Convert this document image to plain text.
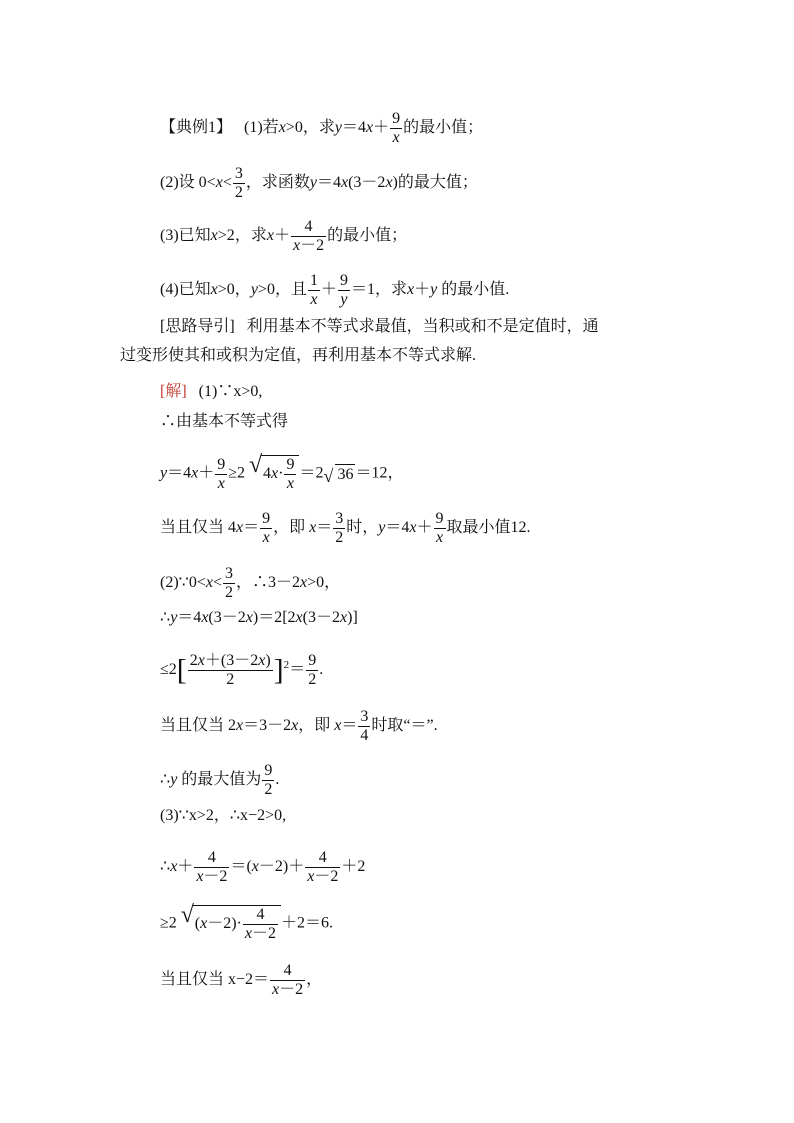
【典例1】 (1)若x>0，求$y=4x+ \frac{9}{x}$ 的最小值；
(2)设 $0<x< \frac{3}{2}$ ，求函数y＝4x(3－2x)的最大值；
(3)已知x>2，求$x+ \frac{4}{x-2}$ 的最小值；
(4)已知x>0，y>0，且 $\frac{1}{x} + \frac{9}{y} =1$，求x＋y 的最小值.
[思路导引] 利用基本不等式求最值，当积或和不是定值时，通
过变形使其和或积为定值，再利用基本不等式求解.
[解] (1)∵x>0,
∴由基本不等式得
$y=4x+ \frac{9}{x} \ge 2$ √ $4x\cdot \frac{9}{x} =2$ √ 36 ＝12，
当且仅当 $4x= \frac{9}{x}$ ，即 $x= \frac{3}{2}$ 时，$y=4x+ \frac{9}{x}$ 取最小值12.
(2)∵0<x< $\frac{3}{2}$ ，∴3－2x>0，
∴y＝4x(3－2x)＝2[2x(3－2x)]
$\le 2[ \frac{2x+(3-2x)}{2} ]^2= \frac{9}{2}$ .
当且仅当 2x＝3－2x，即 $x= \frac{3}{4}$ 时取“＝”.
∴y 的最大值为 $\frac{9}{2}$ .
(3)∵x>2，∴x−2>0,
∴x＋ $\frac{4}{x-2} =(x-2)+ \frac{4}{x-2} +2$
≥2 √ $(x-2)\cdot \frac{4}{x-2} +2=6$.
当且仅当 $x-2= \frac{4}{x-2}$ ，
